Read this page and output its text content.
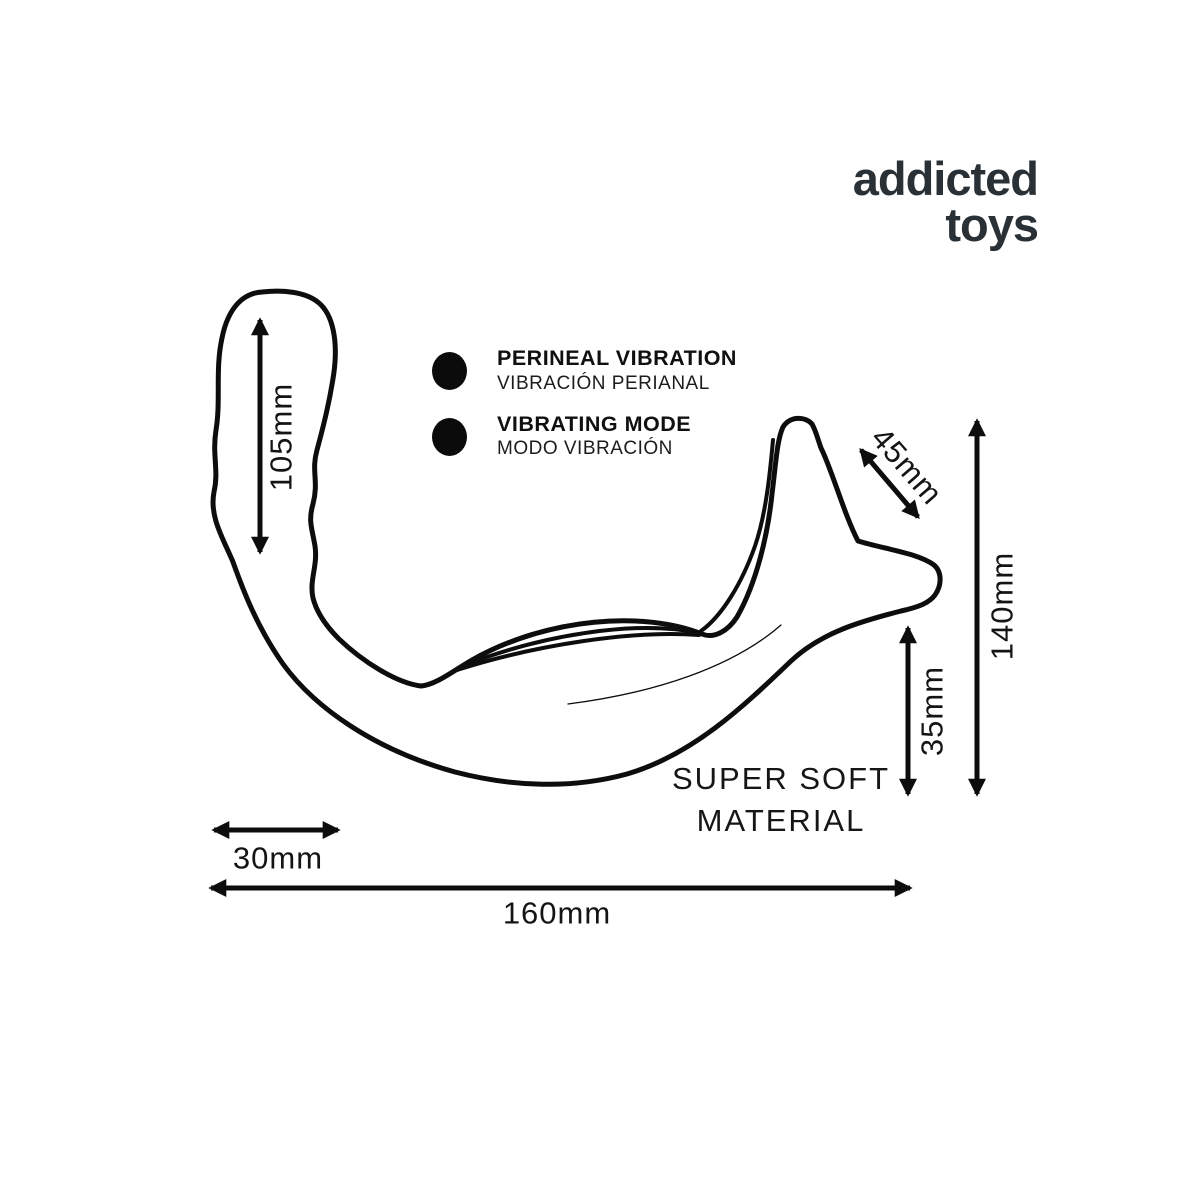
addicted
toys
PERINEAL VIBRATION
VIBRACIÓN PERIANAL
VIBRATING MODE
MODO VIBRACIÓN
105mm	45mm
140mm
35mm
30mm
160mm
SUPER SOFT
MATERIAL
